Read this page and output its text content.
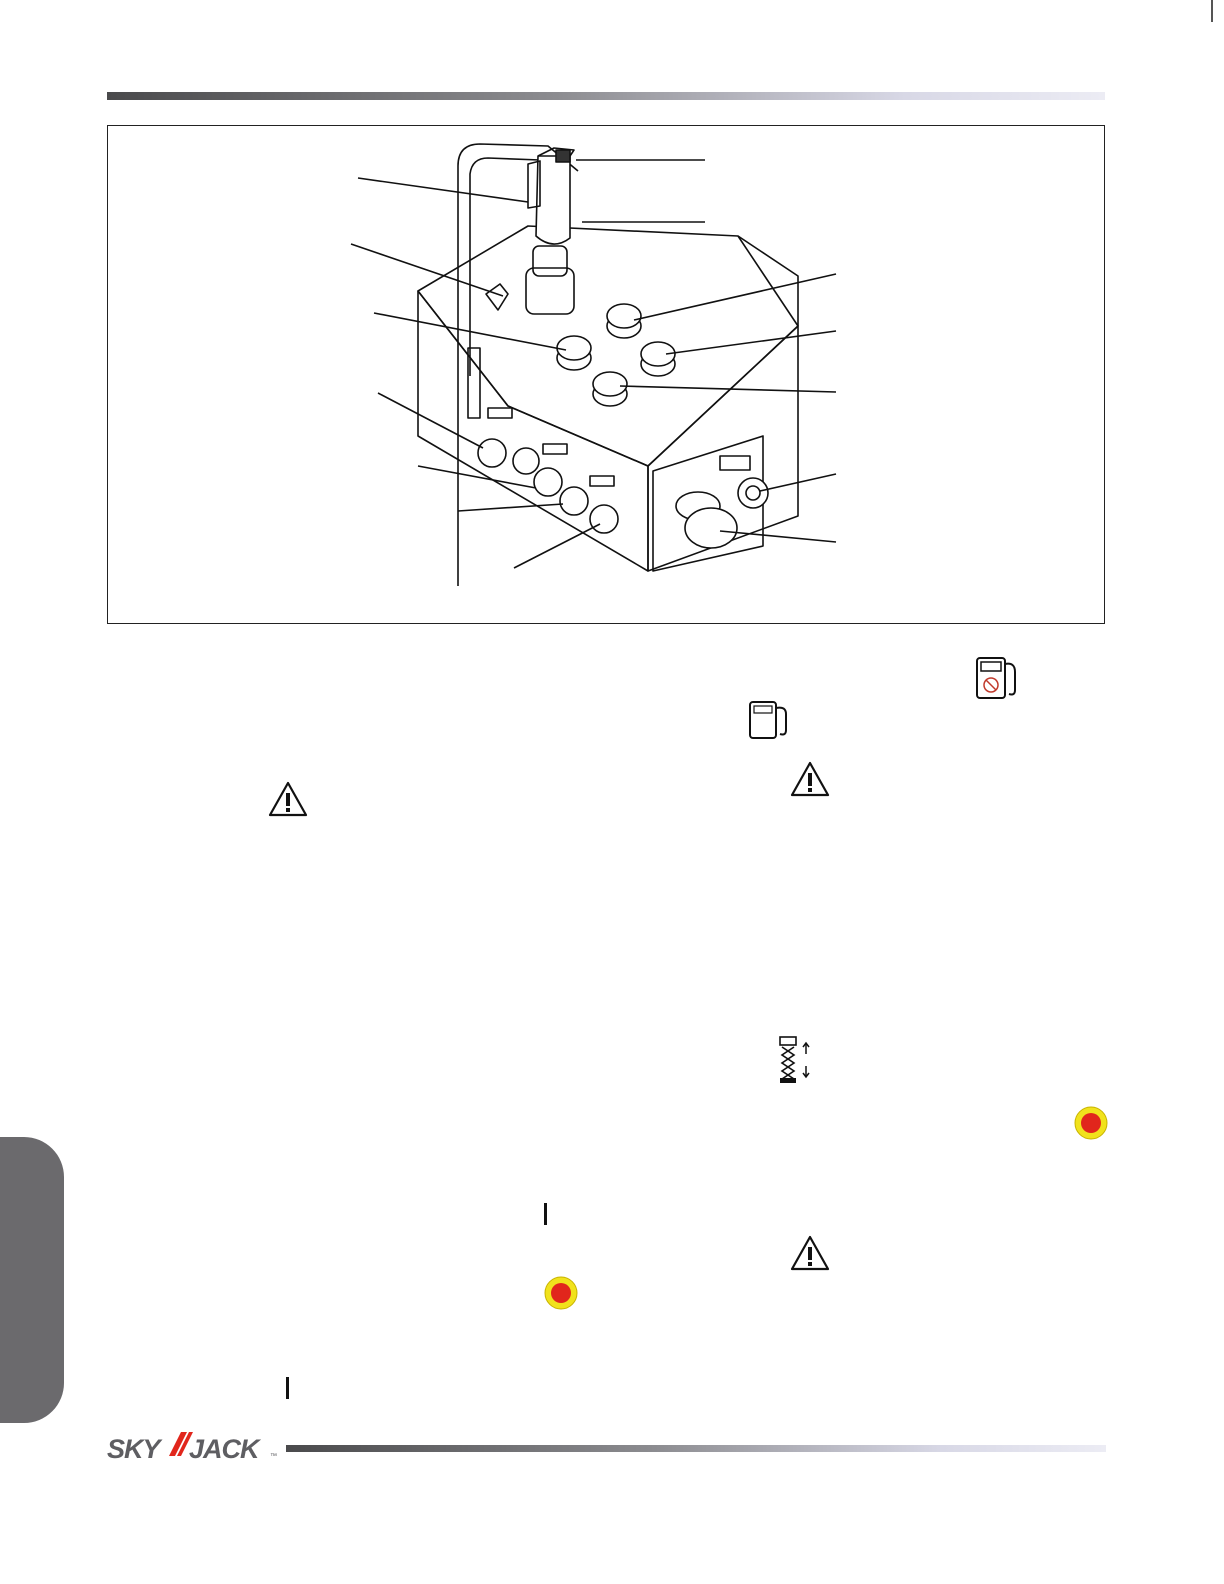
SKY JACK	™
